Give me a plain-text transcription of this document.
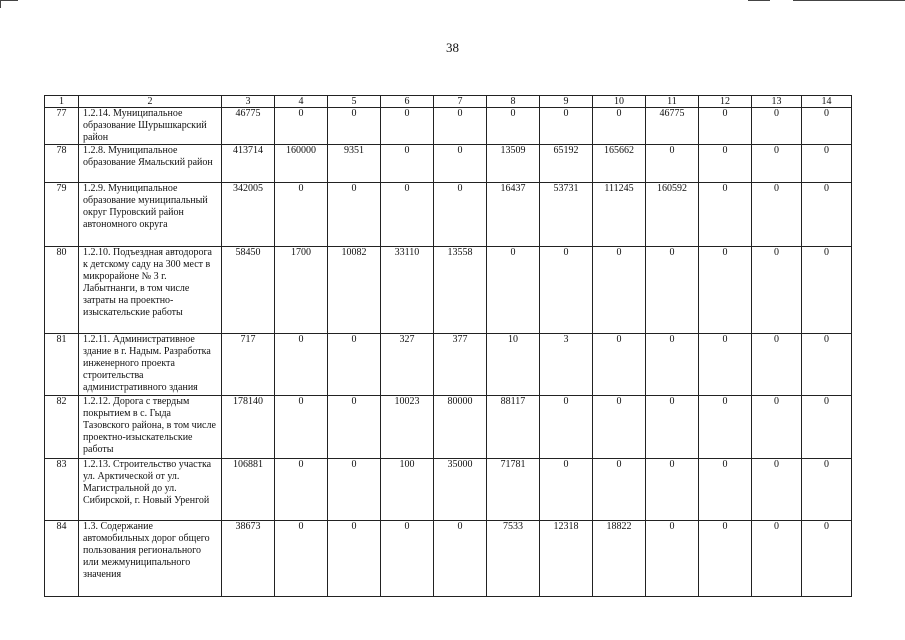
38
1	2	3	4	5	6	7	8	9	10	11	12	13	14
77	1.2.14. Муниципальное образование Шурышкарский район	46775	0	0	0	0	0	0	0	46775	0	0	0
78	1.2.8. Муниципальное образование Ямальский район	413714	160000	9351	0	0	13509	65192	165662	0	0	0	0
79	1.2.9. Муниципальное образование муниципальный округ Пуровский район автономного округа	342005	0	0	0	0	16437	53731	111245	160592	0	0	0
80	1.2.10. Подъездная автодорога к детскому саду на 300 мест в микрорайоне № 3 г. Лабытнанги, в том числе затраты на проектно-изыскательские работы	58450	1700	10082	33110	13558	0	0	0	0	0	0	0
81	1.2.11. Административное здание в г. Надым. Разработка инженерного проекта строительства административного здания	717	0	0	327	377	10	3	0	0	0	0	0
82	1.2.12. Дорога с твердым покрытием в с. Гыда Тазовского района, в том числе проектно-изыскательские работы	178140	0	0	10023	80000	88117	0	0	0	0	0	0
83	1.2.13. Строительство участка ул. Арктической от ул. Магистральной до ул. Сибирской, г. Новый Уренгой	106881	0	0	100	35000	71781	0	0	0	0	0	0
84	1.3. Содержание автомобильных дорог общего пользования регионального или межмуниципального значения	38673	0	0	0	0	7533	12318	18822	0	0	0	0
